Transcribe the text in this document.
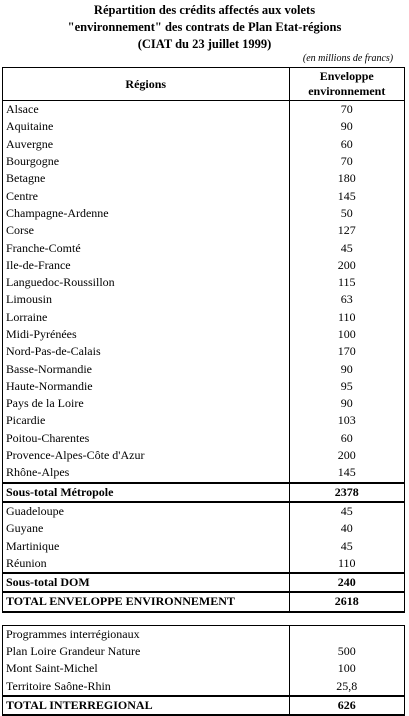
Répartition des crédits affectés aux volets
"environnement" des contrats de Plan Etat-régions
(CIAT du 23 juillet 1999)
(en millions de francs)
Régions	Enveloppe
environnement

Alsace	70
Aquitaine	90
Auvergne	60
Bourgogne	70
Betagne	180
Centre	145
Champagne-Ardenne	50
Corse	127
Franche-Comté	45
Ile-de-France	200
Languedoc-Roussillon	115
Limousin	63
Lorraine	110
Midi-Pyrénées	100
Nord-Pas-de-Calais	170
Basse-Normandie	90
Haute-Normandie	95
Pays de la Loire	90
Picardie	103
Poitou-Charentes	60
Provence-Alpes-Côte d'Azur	200
Rhône-Alpes	145
Sous-total Métropole	2378
Guadeloupe	45
Guyane	40
Martinique	45
Réunion	110
Sous-total DOM	240
TOTAL ENVELOPPE ENVIRONNEMENT	2618

Programmes interrégionaux	
Plan Loire Grandeur Nature	500
Mont Saint-Michel	100
Territoire Saône-Rhin	25,8
TOTAL INTERREGIONAL	626
